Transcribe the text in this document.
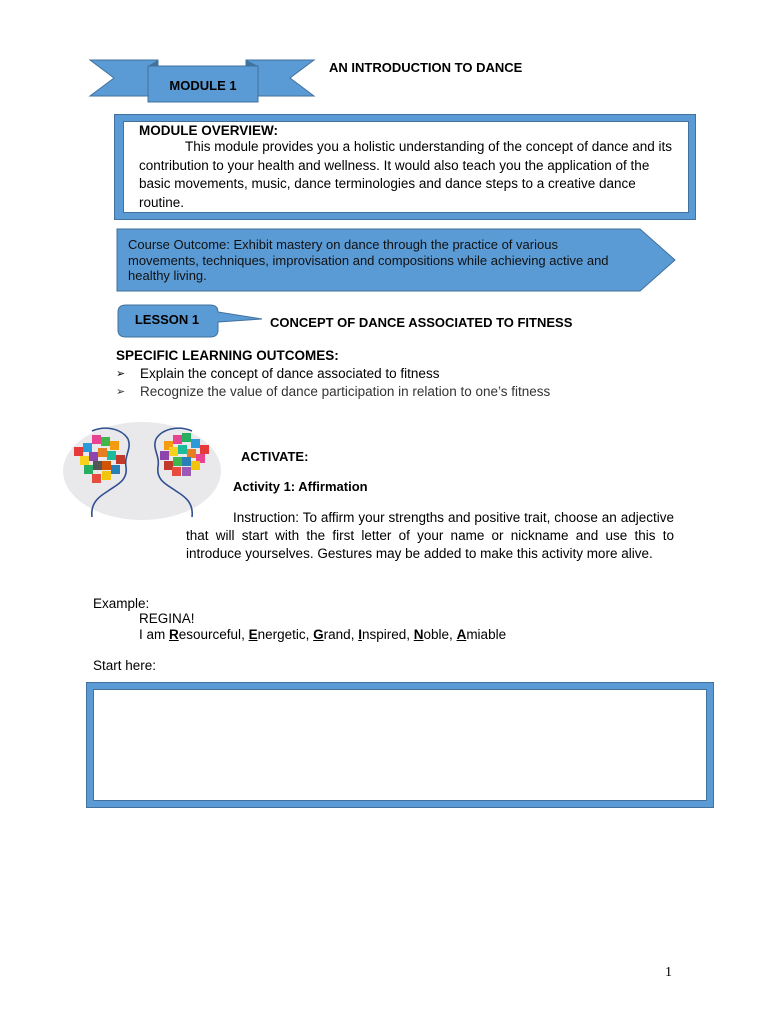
MODULE 1
AN INTRODUCTION TO DANCE
MODULE OVERVIEW:
This module provides you a holistic understanding of the concept of dance and its contribution to your health and wellness. It would also teach you the application of the basic movements, music, dance terminologies and dance steps to a creative dance routine.
Course Outcome: Exhibit mastery on dance through the practice of various movements, techniques, improvisation and compositions while achieving active and healthy living.
LESSON 1	CONCEPT OF DANCE ASSOCIATED TO FITNESS
SPECIFIC LEARNING OUTCOMES:
➢	Explain the concept of dance associated to fitness
➢	Recognize the value of dance participation in relation to one’s fitness
ACTIVATE:
Activity 1: Affirmation
Instruction: To affirm your strengths and positive trait, choose an adjective that will start with the first letter of your name or nickname and use this to introduce yourselves. Gestures may be added to make this activity more alive.
Example:
REGINA!
I am Resourceful, Energetic, Grand, Inspired, Noble, Amiable
Start here:
1
